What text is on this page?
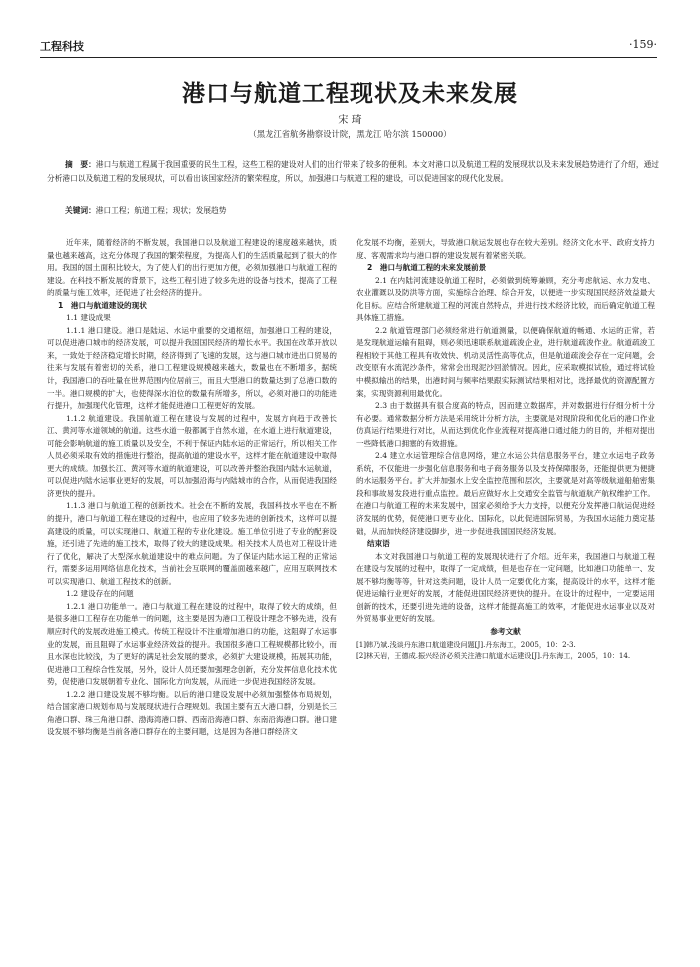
工程科技	·159·
港口与航道工程现状及未来发展
宋 琦
（黑龙江省航务勘察设计院，黑龙江 哈尔滨 150000）
摘　要：港口与航道工程属于我国重要的民生工程，这些工程的建设对人们的出行带来了较多的便利。本文对港口以及航道工程的发展现状以及未来发展趋势进行了介绍，通过分析港口以及航道工程的发展现状，可以看出该国家经济的繁荣程度，所以，加强港口与航道工程的建设，可以促进国家的现代化发展。
关键词：港口工程；航道工程；现状；发展趋势

近年来，随着经济的不断发展，我国港口以及航道工程建设的速度越来越快，质量也越来越高，这充分体现了我国的繁荣程度，为提高人们的生活质量起到了很大的作用。我国的国土面积比较大，为了使人们的出行更加方便，必须加强港口与航道工程的建设。在科技不断发展的背景下，这些工程引进了较多先进的设备与技术，提高了工程的质量与施工效率，还促进了社会经济的提升。

1　港口与航道建设的现状

1.1 建设成果

1.1.1 港口建设。港口是陆运、水运中重要的交通枢纽，加强港口工程的建设，可以促进港口城市的经济发展，可以提升我国国民经济的增长水平。我国在改革开放以来，一致处于经济稳定增长时期，经济得到了飞速的发展，这与港口城市进出口贸易的往来与发展有着密切的关系，港口工程建设规模越来越大，数量也在不断增多，据统计，我国港口的吞吐量在世界范围内位居前三，而且大型港口的数量达到了总港口数的一半。港口规模的扩大，也使得深水泊位的数量有所增多，所以，必须对港口的功能进行提升，加强现代化管理，这样才能促进港口工程更好的发展。

1.1.2 航道建设。我国航道工程在建设与发展的过程中，发展方向趋于改善长江、黄河等水道领域的航道。这些水道一般都属于自然水道，在水道上进行航道建设，可能会影响航道的施工质量以及安全，不利于保证内陆水运的正常运行，所以相关工作人员必须采取有效的措施进行整治，提高航道的建设水平，这样才能在航道建设中取得更大的成绩。加强长江、黄河等水道的航道建设，可以改善并整治我国内陆水运航道，可以促进内陆水运事业更好的发展，可以加强沿海与内陆城市的合作，从而促进我国经济更快的提升。

1.1.3 港口与航道工程的创新技术。社会在不断的发展，我国科技水平也在不断的提升，港口与航道工程在建设的过程中，也应用了较多先进的创新技术，这样可以提高建设的质量，可以实现港口、航道工程的专业化建设。施工单位引进了专业的配套设施，还引进了先进的施工技术，取得了较大的建设成果。相关技术人员也对工程设计进行了优化，解决了大型深水航道建设中的难点问题。为了保证内陆水运工程的正常运行，需要多运用网络信息化技术，当前社会互联网的覆盖面越来越广，应用互联网技术可以实现港口、航道工程技术的创新。

1.2 建设存在的问题

1.2.1 港口功能单一。港口与航道工程在建设的过程中，取得了较大的成绩，但是很多港口工程存在功能单一的问题，这主要是因为港口工程设计理念不够先进，没有顺应时代的发展改进施工模式。传统工程设计不注重增加港口的功能，这阻碍了水运事业的发展，而且阻碍了水运事业经济效益的提升。我国很多港口工程规模都比较小，而且水深也比较浅，为了更好的满足社会发展的要求，必须扩大建设规模，拓展其功能，促进港口工程综合性发展，另外，设计人员还要加强理念创新，充分发挥信息化技术优势，促使港口发展朝着专业化、国际化方向发展，从而进一步促进我国经济发展。

1.2.2 港口建设发展不够均衡。以后的港口建设发展中必须加强整体布局规划，结合国家港口规划布局与发展现状进行合理规划。我国主要有五大港口群，分别是长三角港口群、珠三角港口群、渤海湾港口群、西南沿海港口群、东南沿海港口群。港口建设发展不够均衡是当前各港口群存在的主要问题，这是因为各港口群经济文

化发展不均衡，差别大，导致港口航运发展也存在较大差别。经济文化水平、政府支持力度、客观需求均与港口群的建设发展有着紧密关联。

2　港口与航道工程的未来发展前景

2.1 在内陆河流建设航道工程时，必须做到统筹兼顾，充分考虑航运、水力发电、农业灌溉以及防洪等方面，实施综合治理、综合开发，以便进一步实现国民经济效益最大化目标。应结合所建航道工程的河流自然特点，并进行技术经济比较，而后确定航道工程具体施工措施。

2.2 航道管理部门必须经常进行航道测量，以便确保航道的畅通、水运的正常，若是发现航道运输有阻碍，则必须迅速联系航道疏浚企业，进行航道疏浚作业。航道疏浚工程相较于其他工程具有收效快、机动灵活性高等优点，但是航道疏浚会存在一定问题，会改变原有水流泥沙条件，常常会出现泥沙回淤情况。因此，应采取模拟试验，通过将试验中模拟输出的结果，出港时间与频率结果跟实际测试结果相对比，选择最优的资源配置方案，实现资源利用最优化。

2.3 由于数据具有很合度高的特点，因而建立数据库，并对数据进行仔细分析十分有必要。通常数据分析方法是采用统计分析方法，主要就是对现阶段和优化后的港口作业仿真运行结果进行对比，从而达到优化作业流程对提高港口通过能力的目的，并相对提出一些降低港口拥塞的有效措施。

2.4 建立水运管理综合信息网络，建立水运公共信息服务平台，建立水运电子政务系统，不仅能进一步强化信息服务和电子商务服务以及支持保障服务，还能提供更为便捷的水运服务平台。扩大并加强水上安全监控范围和层次，主要就是对高等级航道船舶密集段和事故易发段进行重点监控。最后应做好水上交通安全监管与航道航产航权维护工作。在港口与航道工程的未来发展中，国家必须给予大力支持，以便充分发挥港口航运促进经济发展的优势，促使港口更专业化、国际化，以此促进国际贸易，为我国水运能力奠定基础，从而加快经济建设脚步，进一步促进我国国民经济发展。

结束语

本文对我国港口与航道工程的发展现状进行了介绍。近年来，我国港口与航道工程在建设与发展的过程中，取得了一定成绩，但是也存在一定问题，比如港口功能单一、发展不够均衡等等，针对这类问题，设计人员一定要优化方案，提高设计的水平，这样才能促进运输行业更好的发展，才能促进国民经济更快的提升。在设计的过程中，一定要运用创新的技术，还要引进先进的设备，这样才能提高施工的效率，才能促进水运事业以及对外贸易事业更好的发展。

参考文献

[1]韩乃斌.浅谈丹东港口航道建设问题[J].丹东海工，2005，10：2-3.

[2]林天岩，王德成.振兴经济必须关注港口航道水运建设[J].丹东海工，2005，10：14.
